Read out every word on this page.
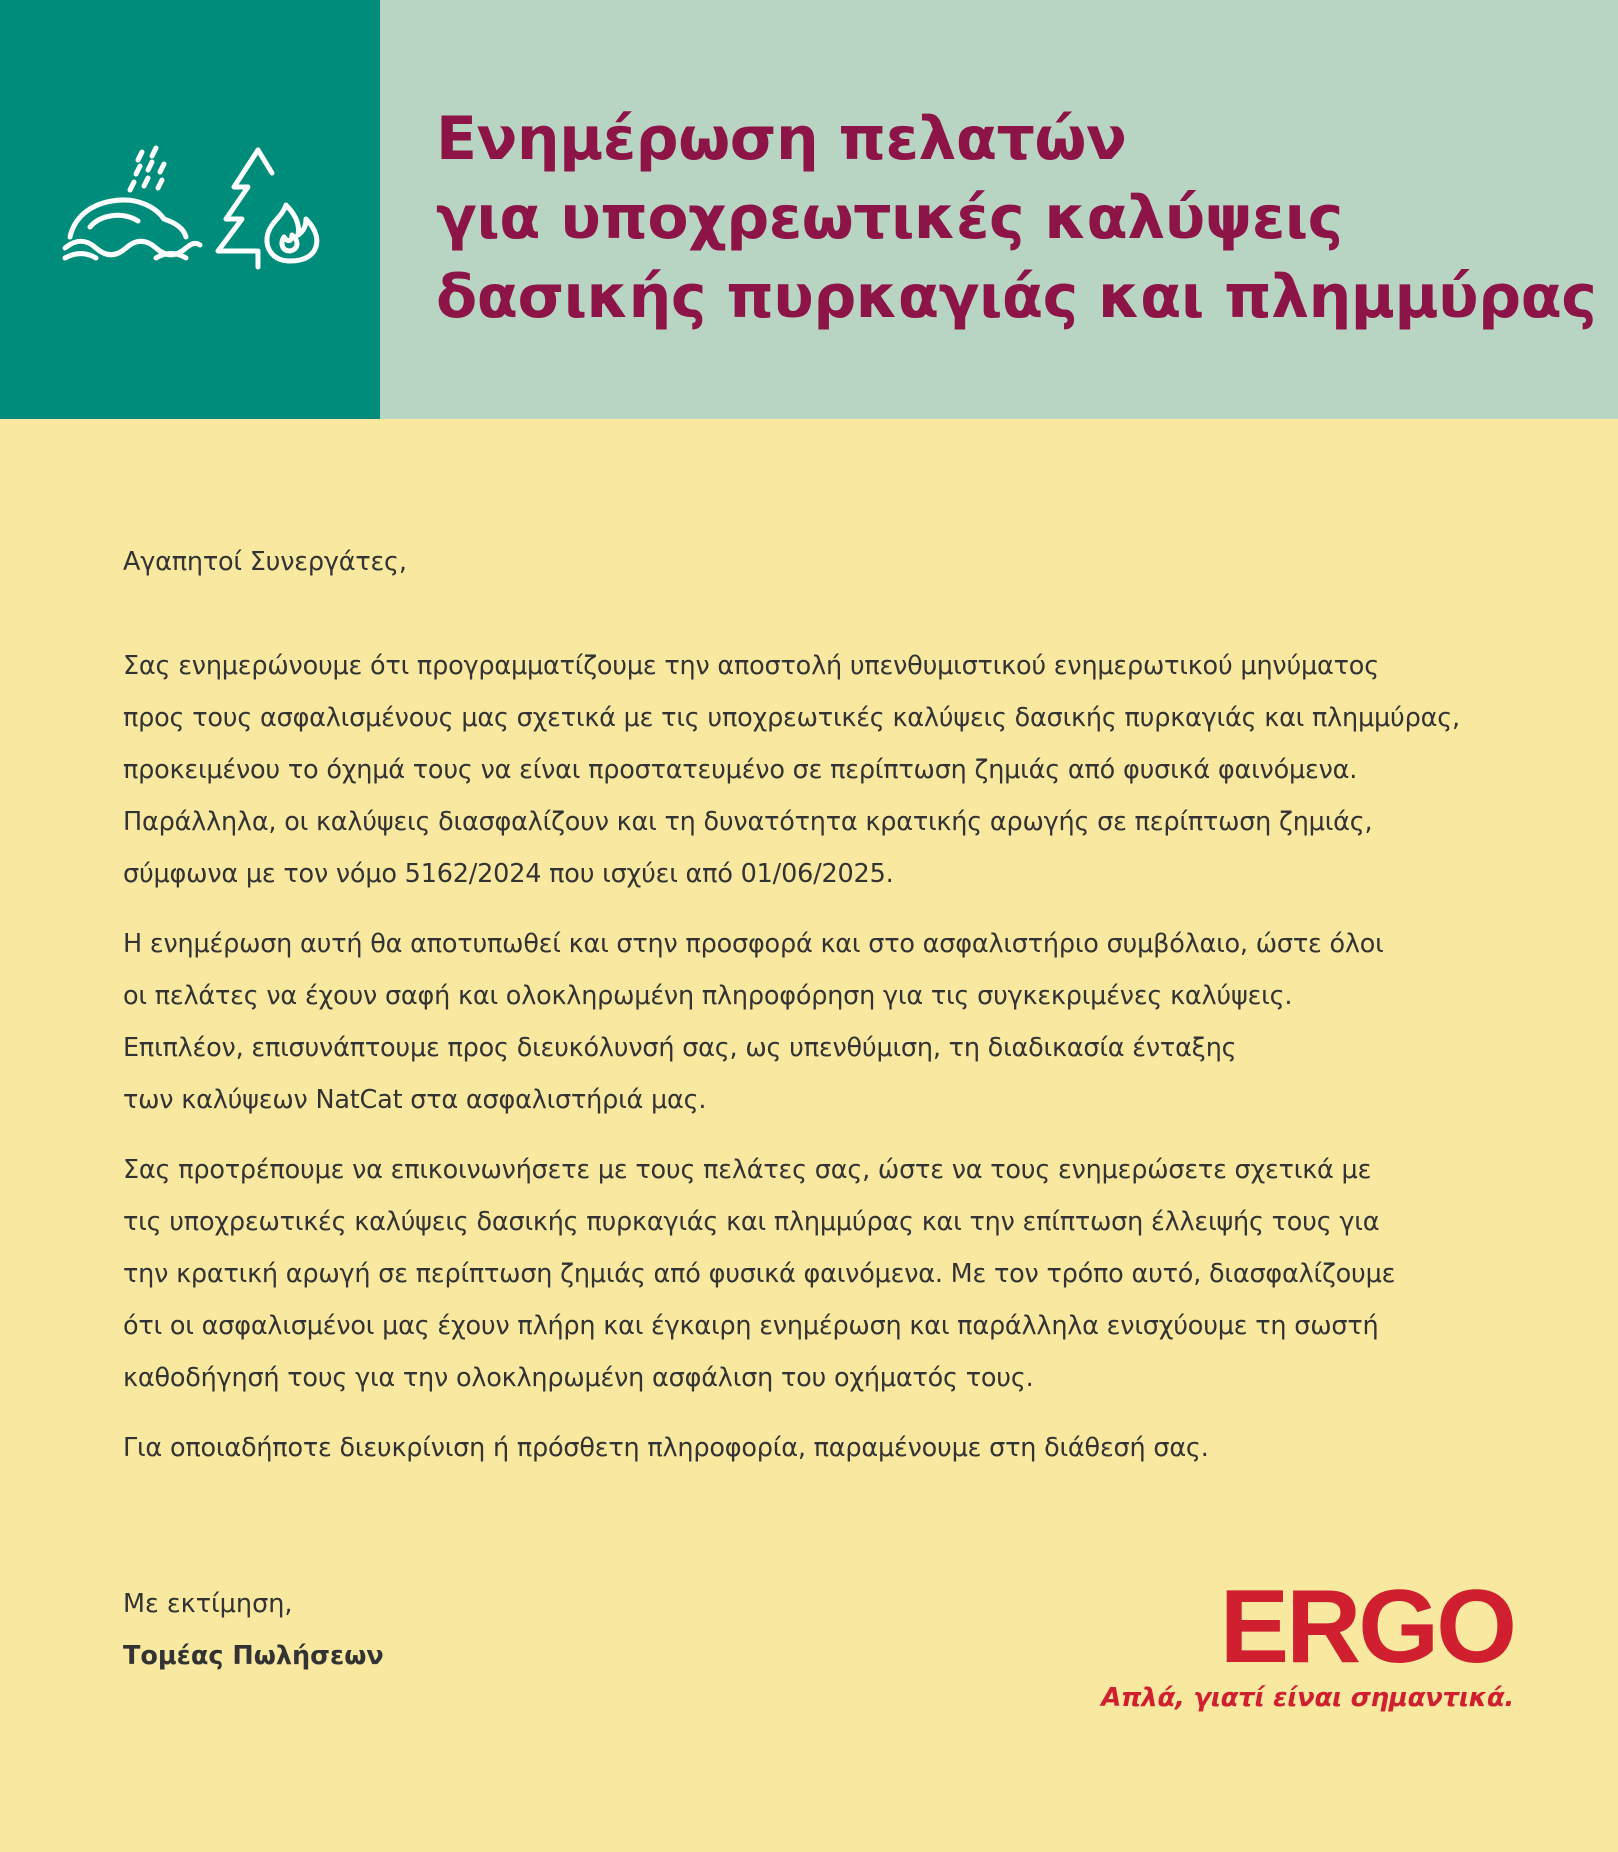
Ενημέρωση πελατών
για υποχρεωτικές καλύψεις
δασικής πυρκαγιάς και πλημμύρας

Αγαπητοί Συνεργάτες,

Σας ενημερώνουμε ότι προγραμματίζουμε την αποστολή υπενθυμιστικού ενημερωτικού μηνύματος
προς τους ασφαλισμένους μας σχετικά με τις υποχρεωτικές καλύψεις δασικής πυρκαγιάς και πλημμύρας,
προκειμένου το όχημά τους να είναι προστατευμένο σε περίπτωση ζημιάς από φυσικά φαινόμενα.
Παράλληλα, οι καλύψεις διασφαλίζουν και τη δυνατότητα κρατικής αρωγής σε περίπτωση ζημιάς,
σύμφωνα με τον νόμο 5162/2024 που ισχύει από 01/06/2025.

Η ενημέρωση αυτή θα αποτυπωθεί και στην προσφορά και στο ασφαλιστήριο συμβόλαιο, ώστε όλοι
οι πελάτες να έχουν σαφή και ολοκληρωμένη πληροφόρηση για τις συγκεκριμένες καλύψεις.
Επιπλέον, επισυνάπτουμε προς διευκόλυνσή σας, ως υπενθύμιση, τη διαδικασία ένταξης
των καλύψεων NatCat στα ασφαλιστήριά μας.

Σας προτρέπουμε να επικοινωνήσετε με τους πελάτες σας, ώστε να τους ενημερώσετε σχετικά με
τις υποχρεωτικές καλύψεις δασικής πυρκαγιάς και πλημμύρας και την επίπτωση έλλειψής τους για
την κρατική αρωγή σε περίπτωση ζημιάς από φυσικά φαινόμενα. Με τον τρόπο αυτό, διασφαλίζουμε
ότι οι ασφαλισμένοι μας έχουν πλήρη και έγκαιρη ενημέρωση και παράλληλα ενισχύουμε τη σωστή
καθοδήγησή τους για την ολοκληρωμένη ασφάλιση του οχήματός τους.

Για οποιαδήποτε διευκρίνιση ή πρόσθετη πληροφορία, παραμένουμε στη διάθεσή σας.

Με εκτίμηση,
Τομέας Πωλήσεων	ERGO
Απλά, γιατί είναι σημαντικά.
